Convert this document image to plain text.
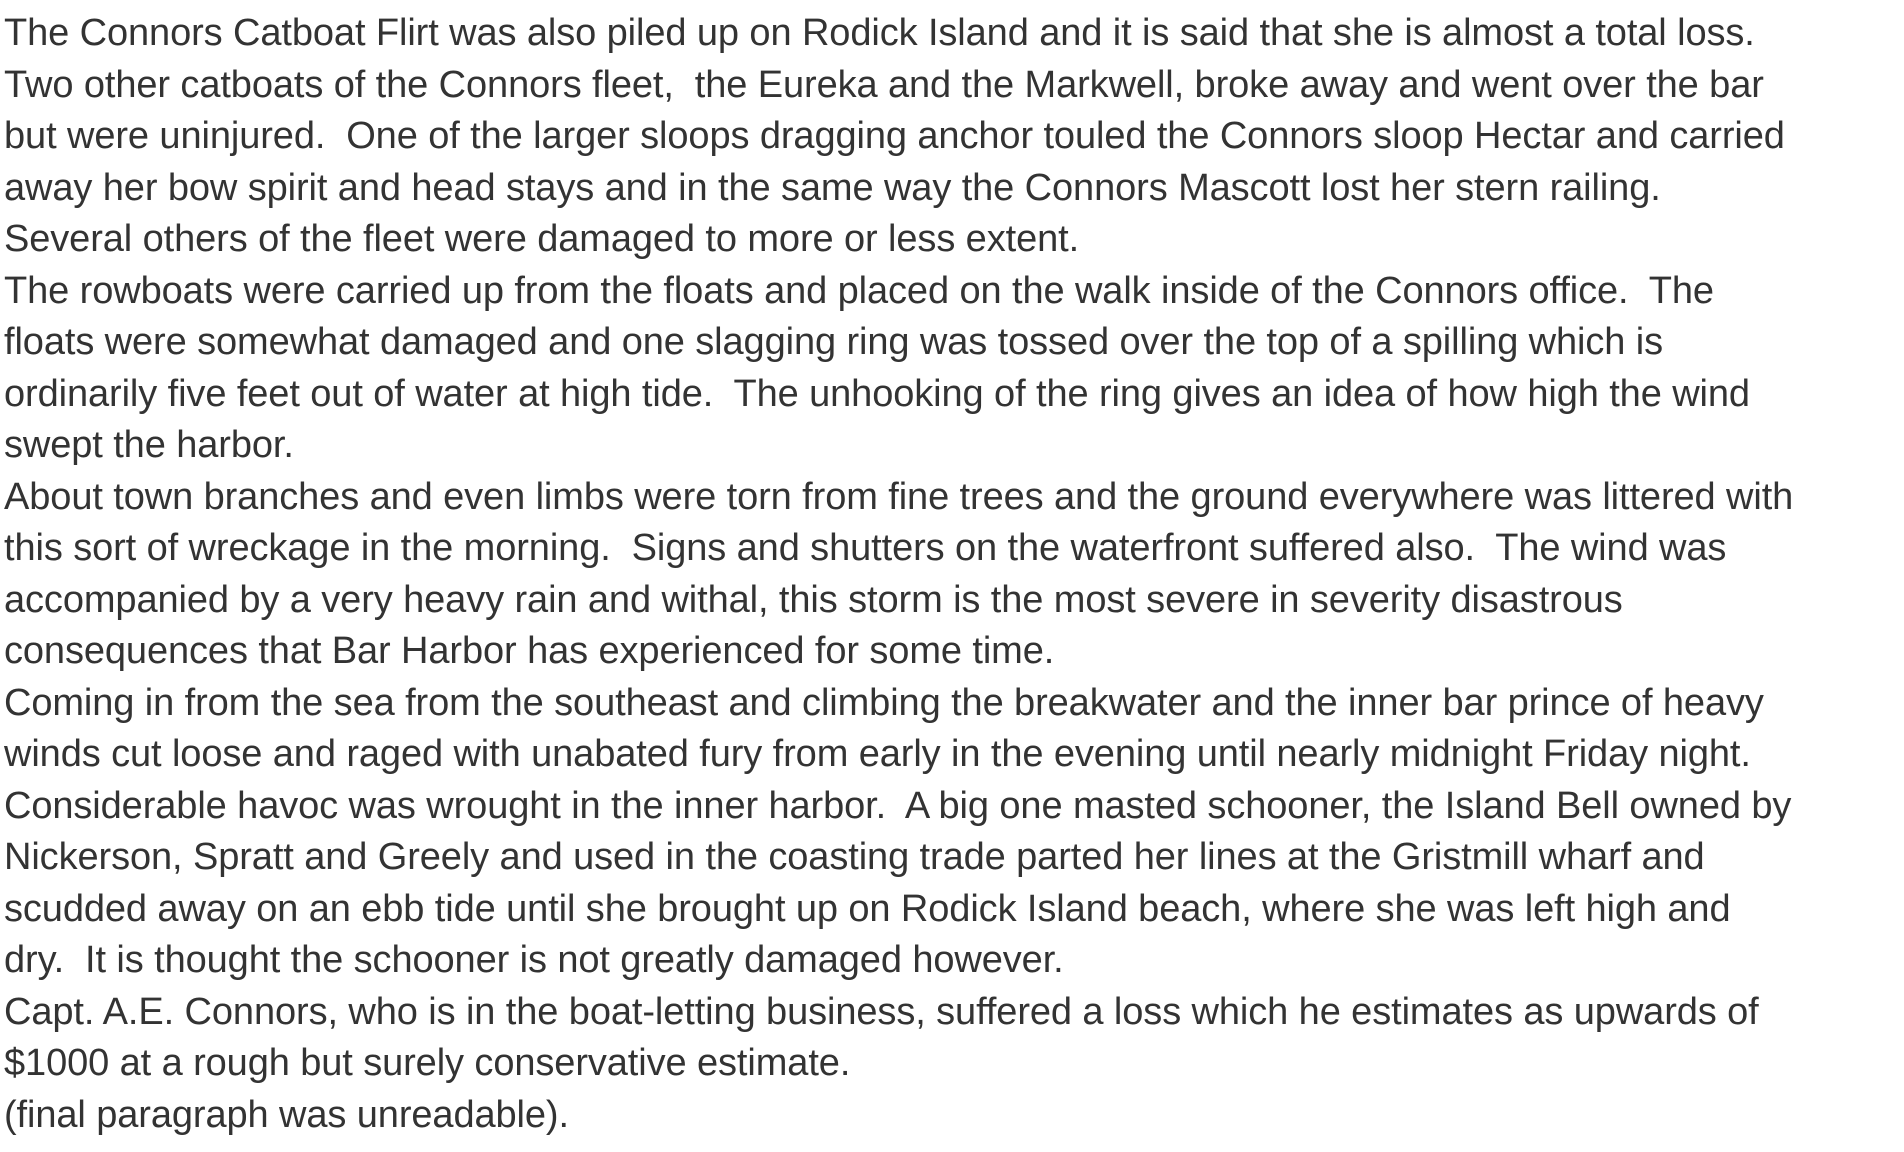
The Connors Catboat Flirt was also piled up on Rodick Island and it is said that she is almost a total loss.
Two other catboats of the Connors fleet,  the Eureka and the Markwell, broke away and went over the bar
but were uninjured.  One of the larger sloops dragging anchor touled the Connors sloop Hectar and carried
away her bow spirit and head stays and in the same way the Connors Mascott lost her stern railing.
Several others of the fleet were damaged to more or less extent.
The rowboats were carried up from the floats and placed on the walk inside of the Connors office.  The
floats were somewhat damaged and one slagging ring was tossed over the top of a spilling which is
ordinarily five feet out of water at high tide.  The unhooking of the ring gives an idea of how high the wind
swept the harbor.
About town branches and even limbs were torn from fine trees and the ground everywhere was littered with
this sort of wreckage in the morning.  Signs and shutters on the waterfront suffered also.  The wind was
accompanied by a very heavy rain and withal, this storm is the most severe in severity disastrous
consequences that Bar Harbor has experienced for some time.
Coming in from the sea from the southeast and climbing the breakwater and the inner bar prince of heavy
winds cut loose and raged with unabated fury from early in the evening until nearly midnight Friday night.
Considerable havoc was wrought in the inner harbor.  A big one masted schooner, the Island Bell owned by
Nickerson, Spratt and Greely and used in the coasting trade parted her lines at the Gristmill wharf and
scudded away on an ebb tide until she brought up on Rodick Island beach, where she was left high and
dry.  It is thought the schooner is not greatly damaged however.
Capt. A.E. Connors, who is in the boat-letting business, suffered a loss which he estimates as upwards of
$1000 at a rough but surely conservative estimate.
(final paragraph was unreadable).
